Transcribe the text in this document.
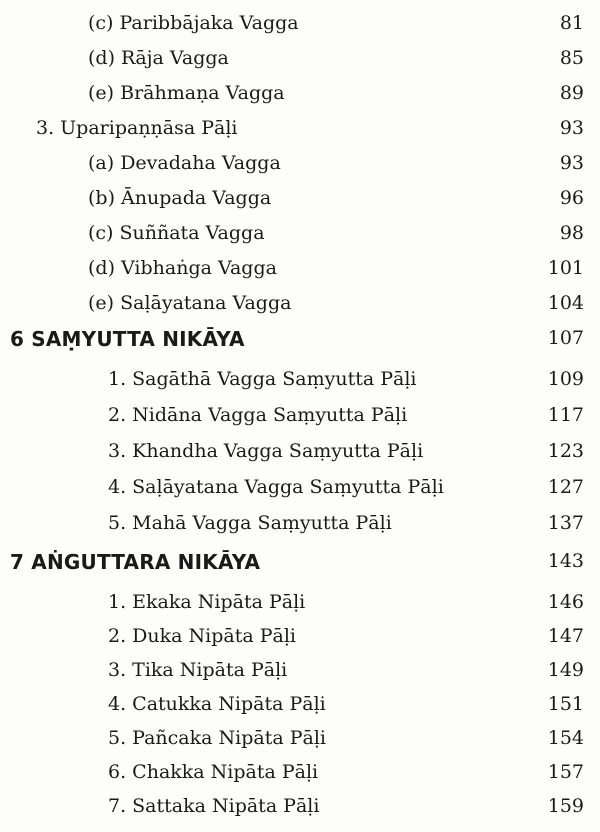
(c) Paribbājaka Vagga	81
(d) Rāja Vagga	85
(e) Brāhmaṇa Vagga	89
3. Uparipaṇṇāsa Pāḷi	93
(a) Devadaha Vagga	93
(b) Ānupada Vagga	96
(c) Suññata Vagga	98
(d) Vibhaṅga Vagga	101
(e) Saḷāyatana Vagga	104
6 SAṂYUTTA NIKĀYA	107
1. Sagāthā Vagga Saṃyutta Pāḷi	109
2. Nidāna Vagga Saṃyutta Pāḷi	117
3. Khandha Vagga Saṃyutta Pāḷi	123
4. Saḷāyatana Vagga Saṃyutta Pāḷi	127
5. Mahā Vagga Saṃyutta Pāḷi	137
7 AṄGUTTARA NIKĀYA	143
1. Ekaka Nipāta Pāḷi	146
2. Duka Nipāta Pāḷi	147
3. Tika Nipāta Pāḷi	149
4. Catukka Nipāta Pāḷi	151
5. Pañcaka Nipāta Pāḷi	154
6. Chakka Nipāta Pāḷi	157
7. Sattaka Nipāta Pāḷi	159
